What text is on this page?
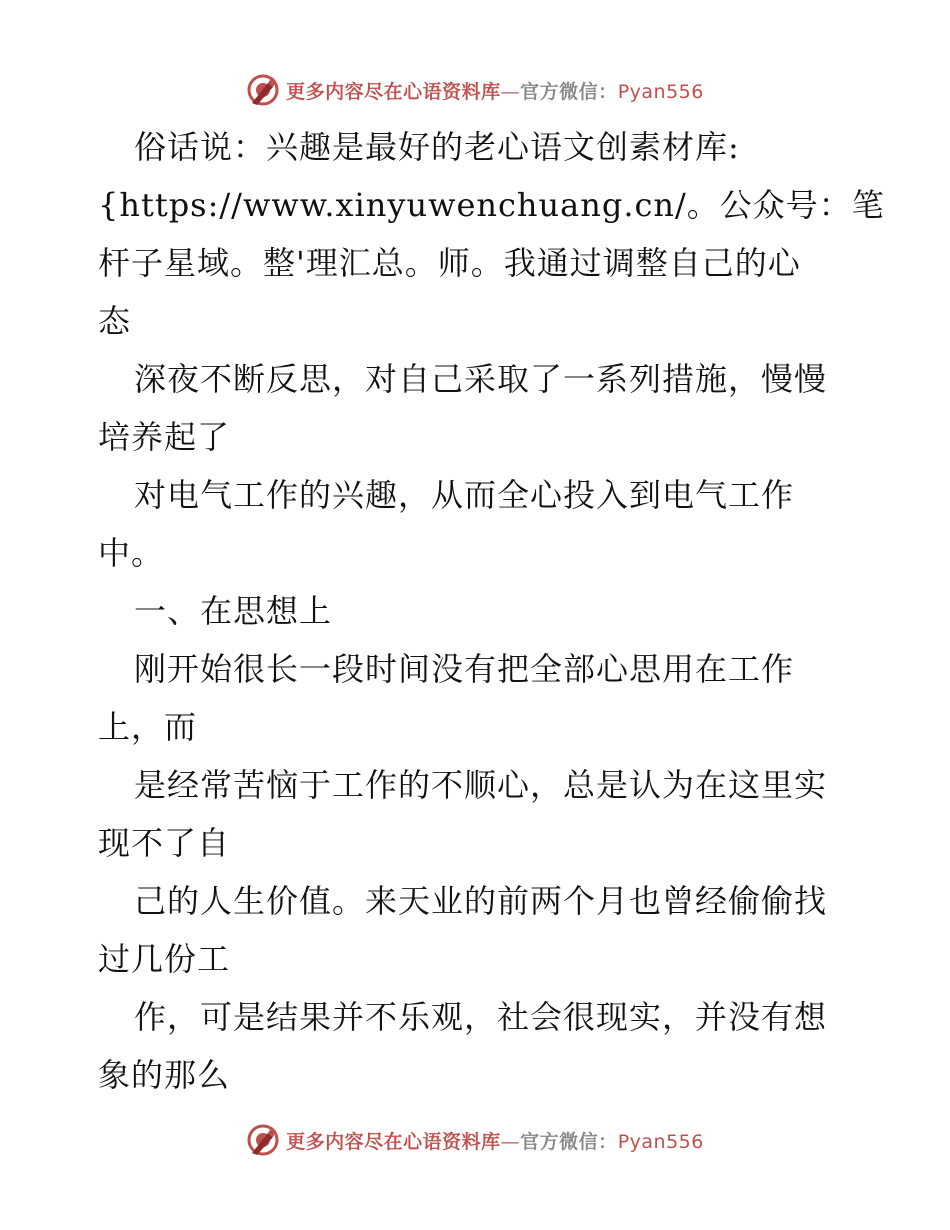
更多内容尽在心语资料库—官方微信：Pyan556
俗话说：兴趣是最好的老心语文创素材库:
{https://www.xinyuwenchuang.cn/。公众号：笔
杆子星域。整'理汇总。师。我通过调整自己的心
态
深夜不断反思，对自己采取了一系列措施，慢慢
培养起了
对电气工作的兴趣，从而全心投入到电气工作
中。
一、在思想上
刚开始很长一段时间没有把全部心思用在工作
上，而
是经常苦恼于工作的不顺心，总是认为在这里实
现不了自
己的人生价值。来天业的前两个月也曾经偷偷找
过几份工
作，可是结果并不乐观，社会很现实，并没有想
象的那么
更多内容尽在心语资料库—官方微信：Pyan556
